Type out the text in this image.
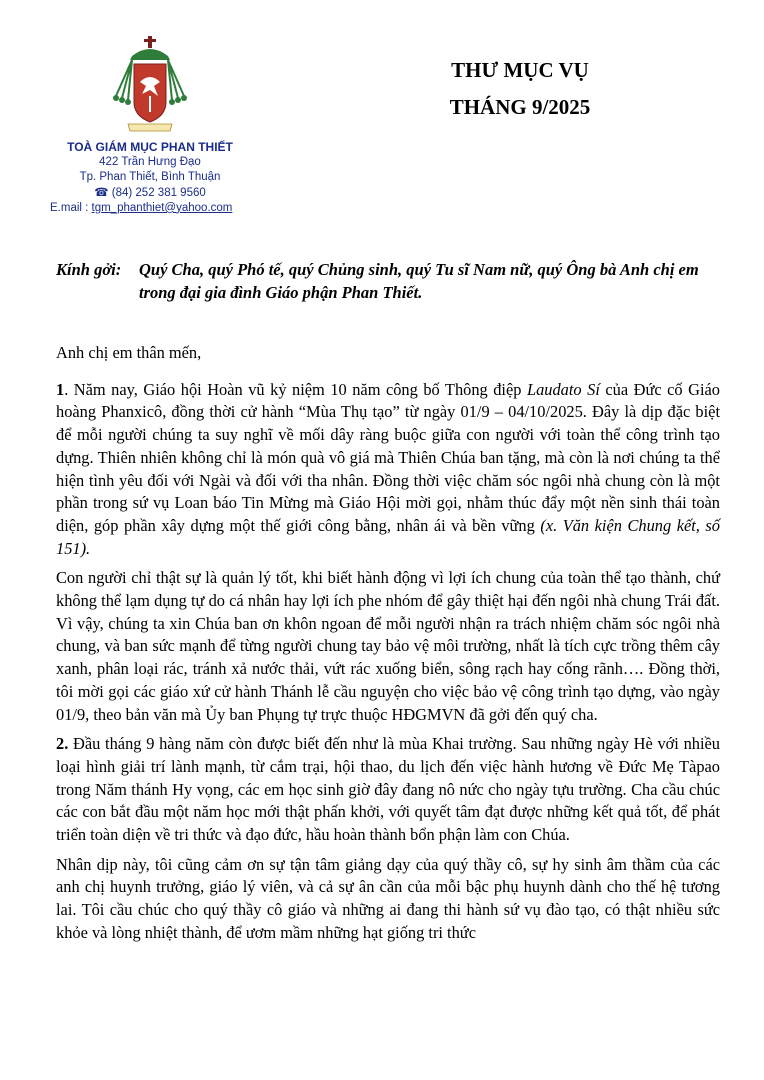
TOÀ GIÁM MỤC PHAN THIẾT
422 Trần Hưng Đạo
Tp. Phan Thiết, Bình Thuận
☎ (84) 252 381 9560
E.mail : tgm_phanthiet@yahoo.com
THƯ MỤC VỤ
THÁNG 9/2025
Kính gởi: Quý Cha, quý Phó tế, quý Chủng sinh, quý Tu sĩ Nam nữ, quý Ông bà Anh chị em trong đại gia đình Giáo phận Phan Thiết.

Anh chị em thân mến,

1. Năm nay, Giáo hội Hoàn vũ kỷ niệm 10 năm công bố Thông điệp Laudato Sí của Đức cố Giáo hoàng Phanxicô, đồng thời cử hành “Mùa Thụ tạo” từ ngày 01/9 – 04/10/2025. Đây là dịp đặc biệt để mỗi người chúng ta suy nghĩ về mối dây ràng buộc giữa con người với toàn thể công trình tạo dựng. Thiên nhiên không chỉ là món quà vô giá mà Thiên Chúa ban tặng, mà còn là nơi chúng ta thể hiện tình yêu đối với Ngài và đối với tha nhân. Đồng thời việc chăm sóc ngôi nhà chung còn là một phần trong sứ vụ Loan báo Tin Mừng mà Giáo Hội mời gọi, nhằm thúc đẩy một nền sinh thái toàn diện, góp phần xây dựng một thế giới công bằng, nhân ái và bền vững (x. Văn kiện Chung kết, số 151).

Con người chỉ thật sự là quản lý tốt, khi biết hành động vì lợi ích chung của toàn thể tạo thành, chứ không thể lạm dụng tự do cá nhân hay lợi ích phe nhóm để gây thiệt hại đến ngôi nhà chung Trái đất. Vì vậy, chúng ta xin Chúa ban ơn khôn ngoan để mỗi người nhận ra trách nhiệm chăm sóc ngôi nhà chung, và ban sức mạnh để từng người chung tay bảo vệ môi trường, nhất là tích cực trồng thêm cây xanh, phân loại rác, tránh xả nước thải, vứt rác xuống biển, sông rạch hay cống rãnh…. Đồng thời, tôi mời gọi các giáo xứ cử hành Thánh lễ cầu nguyện cho việc bảo vệ công trình tạo dựng, vào ngày 01/9, theo bản văn mà Ủy ban Phụng tự trực thuộc HĐGMVN đã gởi đến quý cha.

2. Đầu tháng 9 hàng năm còn được biết đến như là mùa Khai trường. Sau những ngày Hè với nhiều loại hình giải trí lành mạnh, từ cắm trại, hội thao, du lịch đến việc hành hương về Đức Mẹ Tàpao trong Năm thánh Hy vọng, các em học sinh giờ đây đang nô nức cho ngày tựu trường. Cha cầu chúc các con bắt đầu một năm học mới thật phấn khởi, với quyết tâm đạt được những kết quả tốt, để phát triển toàn diện về tri thức và đạo đức, hầu hoàn thành bổn phận làm con Chúa.

Nhân dịp này, tôi cũng cảm ơn sự tận tâm giảng dạy của quý thầy cô, sự hy sinh âm thầm của các anh chị huynh trưởng, giáo lý viên, và cả sự ân cần của mỗi bậc phụ huynh dành cho thế hệ tương lai. Tôi cầu chúc cho quý thầy cô giáo và những ai đang thi hành sứ vụ đào tạo, có thật nhiều sức khỏe và lòng nhiệt thành, để ươm mầm những hạt giống tri thức
